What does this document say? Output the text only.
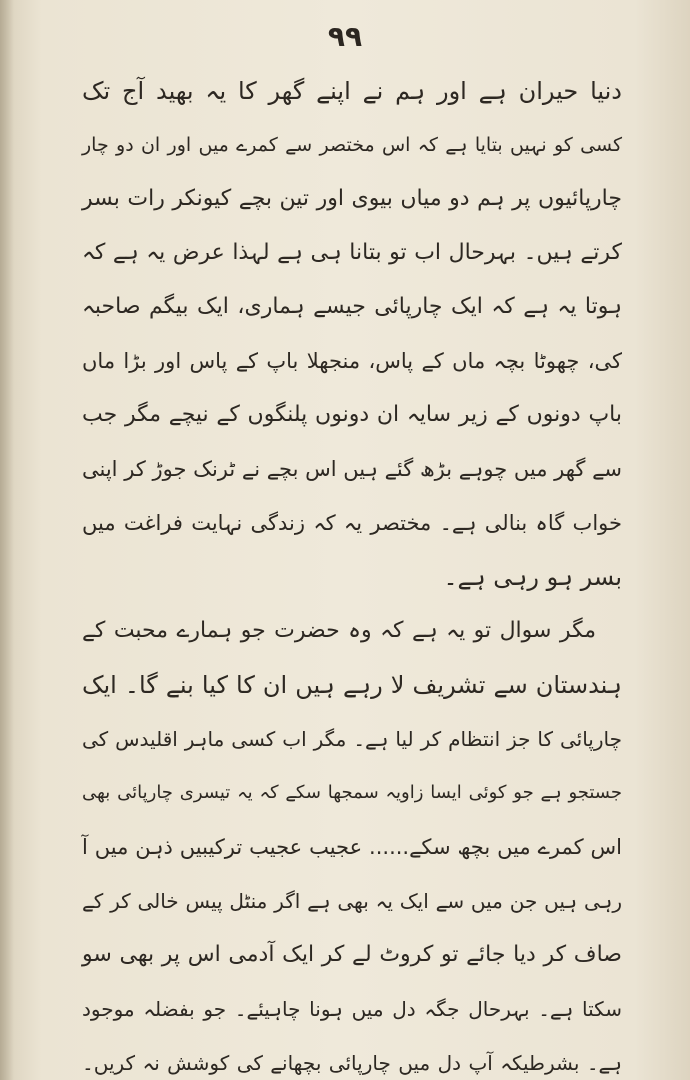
۹۹
دنیا حیران ہے اور ہم نے اپنے گھر کا یہ بھید آج تک
کسی کو نہیں بتایا ہے کہ اس مختصر سے کمرے میں اور ان دو چار
چارپائیوں پر ہم دو میاں بیوی اور تین بچے کیونکر رات بسر
کرتے ہیں۔ بہرحال اب تو بتانا ہی ہے لہذا عرض یہ ہے کہ
ہوتا یہ ہے کہ ایک چارپائی جیسے ہماری، ایک بیگم صاحبہ
کی، چھوٹا بچہ ماں کے پاس، منجھلا باپ کے پاس اور بڑا ماں
باپ دونوں کے زیر سایہ ان دونوں پلنگوں کے نیچے مگر جب
سے گھر میں چوہے بڑھ گئے ہیں اس بچے نے ٹرنک جوڑ کر اپنی
خواب گاہ بنالی ہے۔ مختصر یہ کہ زندگی نہایت فراغت میں
بسر ہو رہی ہے۔
مگر سوال تو یہ ہے کہ وہ حضرت جو ہمارے محبت کے
ہندستان سے تشریف لا رہے ہیں ان کا کیا بنے گا۔ ایک
چارپائی کا جز انتظام کر لیا ہے۔ مگر اب کسی ماہر اقلیدس کی
جستجو ہے جو کوئی ایسا زاویہ سمجھا سکے کہ یہ تیسری چارپائی بھی
اس کمرے میں بچھ سکے...... عجیب عجیب ترکیبیں ذہن میں آ
رہی ہیں جن میں سے ایک یہ بھی ہے اگر منٹل پیس خالی کر کے
صاف کر دیا جائے تو کروٹ لے کر ایک آدمی اس پر بھی سو
سکتا ہے۔ بہرحال جگہ دل میں ہونا چاہیئے۔ جو بفضلہ موجود
ہے۔ بشرطیکہ آپ دل میں چارپائی بچھانے کی کوشش نہ کریں۔
